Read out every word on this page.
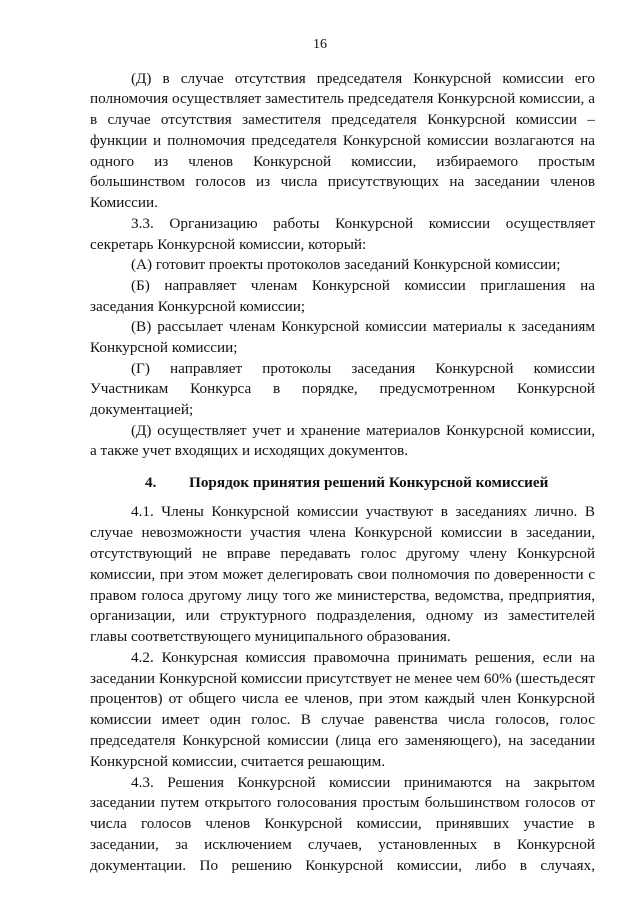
16
(Д) в случае отсутствия председателя Конкурсной комиссии его
полномочия осуществляет заместитель председателя Конкурсной комиссии, а
в случае отсутствия заместителя председателя Конкурсной комиссии –
функции и полномочия председателя Конкурсной комиссии возлагаются на
одного из членов Конкурсной комиссии, избираемого простым
большинством голосов из числа присутствующих на заседании членов
Комиссии.
3.3. Организацию работы Конкурсной комиссии осуществляет
секретарь Конкурсной комиссии, который:
(А) готовит проекты протоколов заседаний Конкурсной комиссии;
(Б) направляет членам Конкурсной комиссии приглашения на
заседания Конкурсной комиссии;
(В) рассылает членам Конкурсной комиссии материалы к заседаниям
Конкурсной комиссии;
(Г) направляет протоколы заседания Конкурсной комиссии
Участникам Конкурса в порядке, предусмотренном Конкурсной
документацией;
(Д) осуществляет учет и хранение материалов Конкурсной комиссии,
а также учет входящих и исходящих документов.
4. Порядок принятия решений Конкурсной комиссией
4.1. Члены Конкурсной комиссии участвуют в заседаниях лично. В
случае невозможности участия члена Конкурсной комиссии в заседании,
отсутствующий не вправе передавать голос другому члену Конкурсной
комиссии, при этом может делегировать свои полномочия по доверенности с
правом голоса другому лицу того же министерства, ведомства, предприятия,
организации, или структурного подразделения, одному из заместителей
главы соответствующего муниципального образования.
4.2. Конкурсная комиссия правомочна принимать решения, если на
заседании Конкурсной комиссии присутствует не менее чем 60% (шестьдесят
процентов) от общего числа ее членов, при этом каждый член Конкурсной
комиссии имеет один голос. В случае равенства числа голосов, голос
председателя Конкурсной комиссии (лица его заменяющего), на заседании
Конкурсной комиссии, считается решающим.
4.3. Решения Конкурсной комиссии принимаются на закрытом
заседании путем открытого голосования простым большинством голосов от
числа голосов членов Конкурсной комиссии, принявших участие в
заседании, за исключением случаев, установленных в Конкурсной
документации. По решению Конкурсной комиссии, либо в случаях,
